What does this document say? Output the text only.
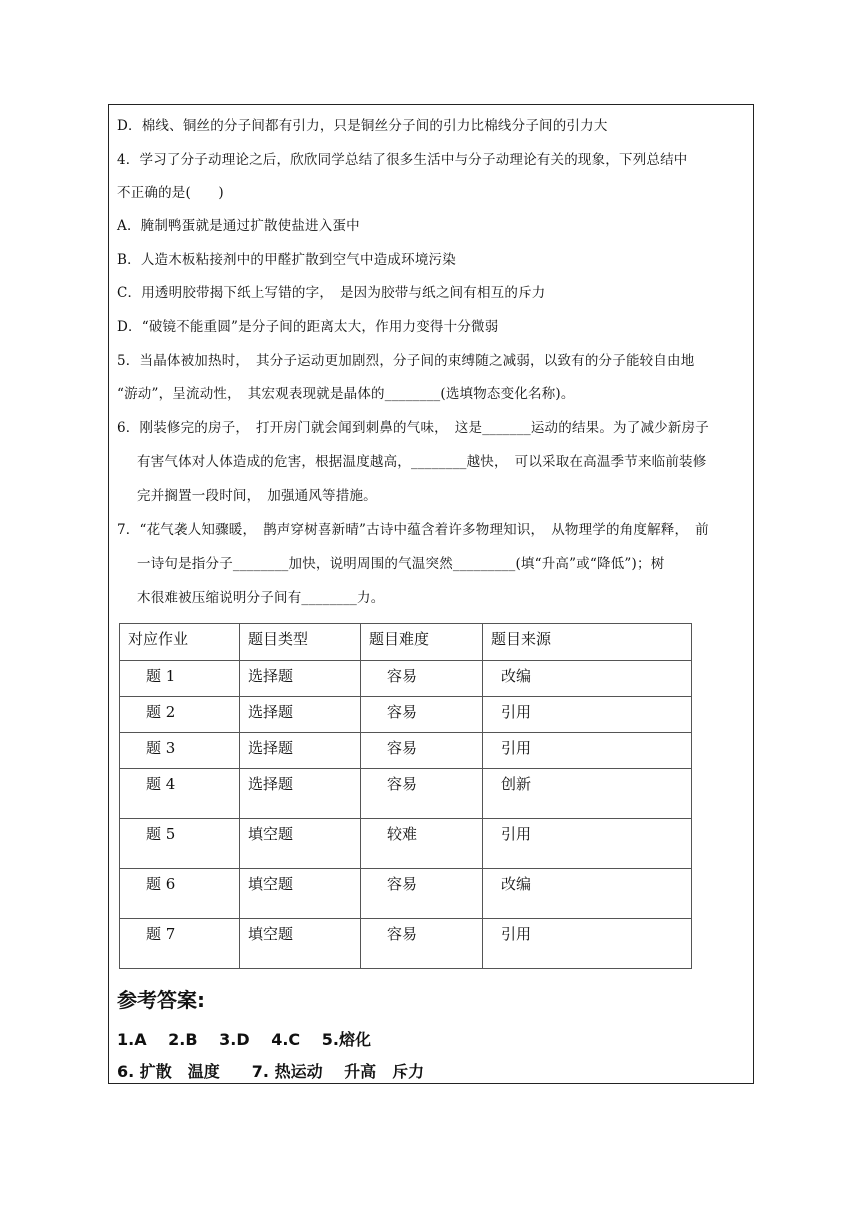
D．棉线、铜丝的分子间都有引力，只是铜丝分子间的引力比棉线分子间的引力大
4．学习了分子动理论之后，欣欣同学总结了很多生活中与分子动理论有关的现象，下列总结中
不正确的是(　　)
A．腌制鸭蛋就是通过扩散使盐进入蛋中
B．人造木板粘接剂中的甲醛扩散到空气中造成环境污染
C．用透明胶带揭下纸上写错的字，　是因为胶带与纸之间有相互的斥力
D．“破镜不能重圆”是分子间的距离太大，作用力变得十分微弱
5．当晶体被加热时，　其分子运动更加剧烈，分子间的束缚随之减弱，以致有的分子能较自由地
“游动”，呈流动性，　其宏观表现就是晶体的________(选填物态变化名称)。
6．刚装修完的房子，　打开房门就会闻到刺鼻的气味，　这是_______运动的结果。为了减少新房子
有害气体对人体造成的危害，根据温度越高，________越快，　可以采取在高温季节来临前装修
完并搁置一段时间，　加强通风等措施。
7．“花气袭人知骤暖，　鹊声穿树喜新晴”古诗中蕴含着许多物理知识，　从物理学的角度解释，　前
一诗句是指分子________加快，说明周围的气温突然_________(填“升高”或“降低”)；树
木很难被压缩说明分子间有________力。
对应作业	题目类型	题目难度	题目来源
题 1	选择题	容易	改编
题 2	选择题	容易	引用
题 3	选择题	容易	引用
题 4	选择题	容易	创新
题 5	填空题	较难	引用
题 6	填空题	容易	改编
题 7	填空题	容易	引用
参考答案:
1.A　 2.B　 3.D　 4.C　 5.熔化
6. 扩散　温度　　7. 热运动　 升高　斥力
